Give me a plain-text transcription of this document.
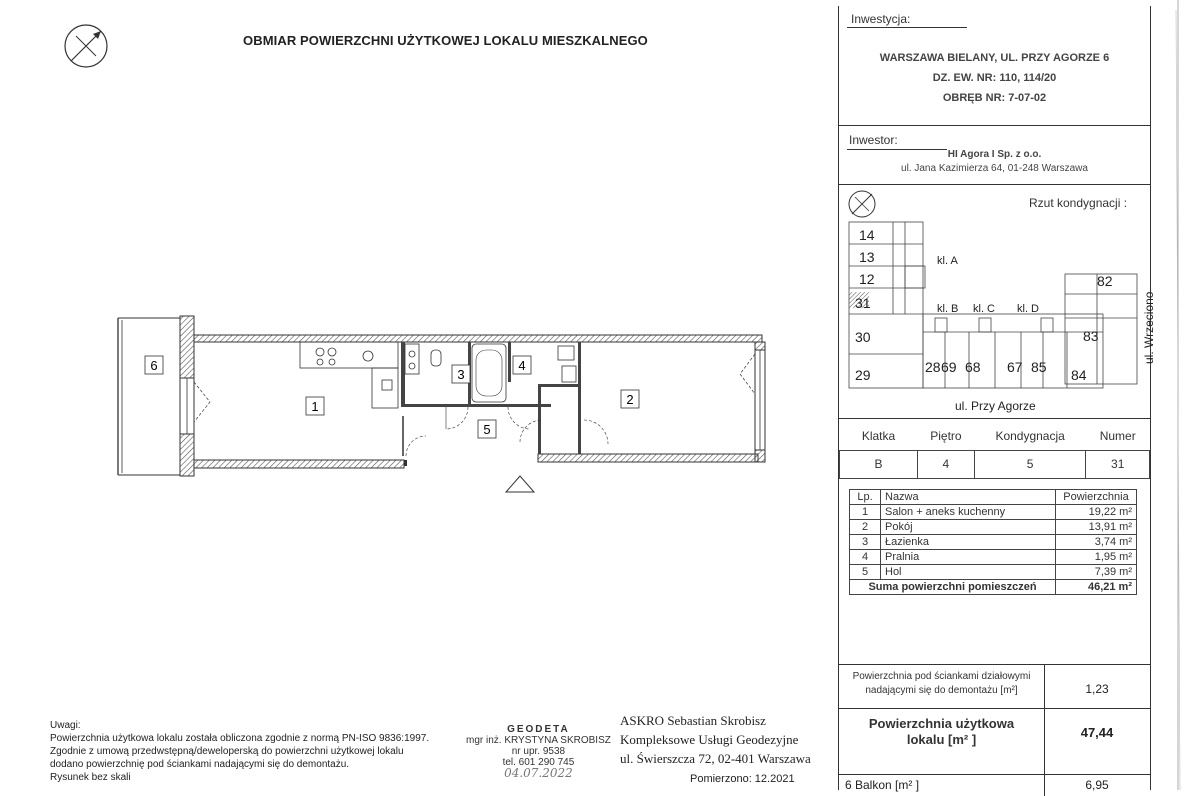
OBMIAR POWIERZCHNI UŻYTKOWEJ LOKALU MIESZKALNEGO
6
1	2
3
4
5
Inwestycja:
WARSZAWA BIELANY, UL. PRZY AGORZE 6
DZ. EW. NR: 110, 114/20
OBRĘB NR: 7-07-02
Inwestor:
HI Agora I Sp. z o.o.
ul. Jana Kazimierza 64, 01-248 Warszawa
Rzut kondygnacji :
14
13
12
31
30
29	28 69 68 67 85 84
83
82
kl. A
kl. B kl. C kl. D
ul. Przy Agorze
ul. Wrzeciono
Klatka	Piętro	Kondygnacja	Numer
B	4	5	31
Lp.	Nazwa	Powierzchnia
1	Salon + aneks kuchenny	19,22 m²
2	Pokój	13,91 m²
3	Łazienka	3,74 m²
4	Pralnia	1,95 m²
5	Hol	7,39 m²
Suma powierzchni pomieszczeń		46,21 m²
Powierzchnia pod ściankami działowymi
nadającymi się do demontażu [m²]	1,23
Powierzchnia użytkowa
lokalu [m² ]	47,44
6 Balkon [m² ]	6,95
Uwagi:
Powierzchnia użytkowa lokalu została obliczona zgodnie z normą PN-ISO 9836:1997.
Zgodnie z umową przedwstępną/deweloperską do powierzchni użytkowej lokalu
dodano powierzchnię pod ściankami nadającymi się do demontażu.
Rysunek bez skali
GEODETA
mgr inż. KRYSTYNA SKROBISZ
nr upr. 9538
tel. 601 290 745
04.07.2022
ASKRO Sebastian Skrobisz
Kompleksowe Usługi Geodezyjne
ul. Świerszcza 72, 02-401 Warszawa
Pomierzono: 12.2021
